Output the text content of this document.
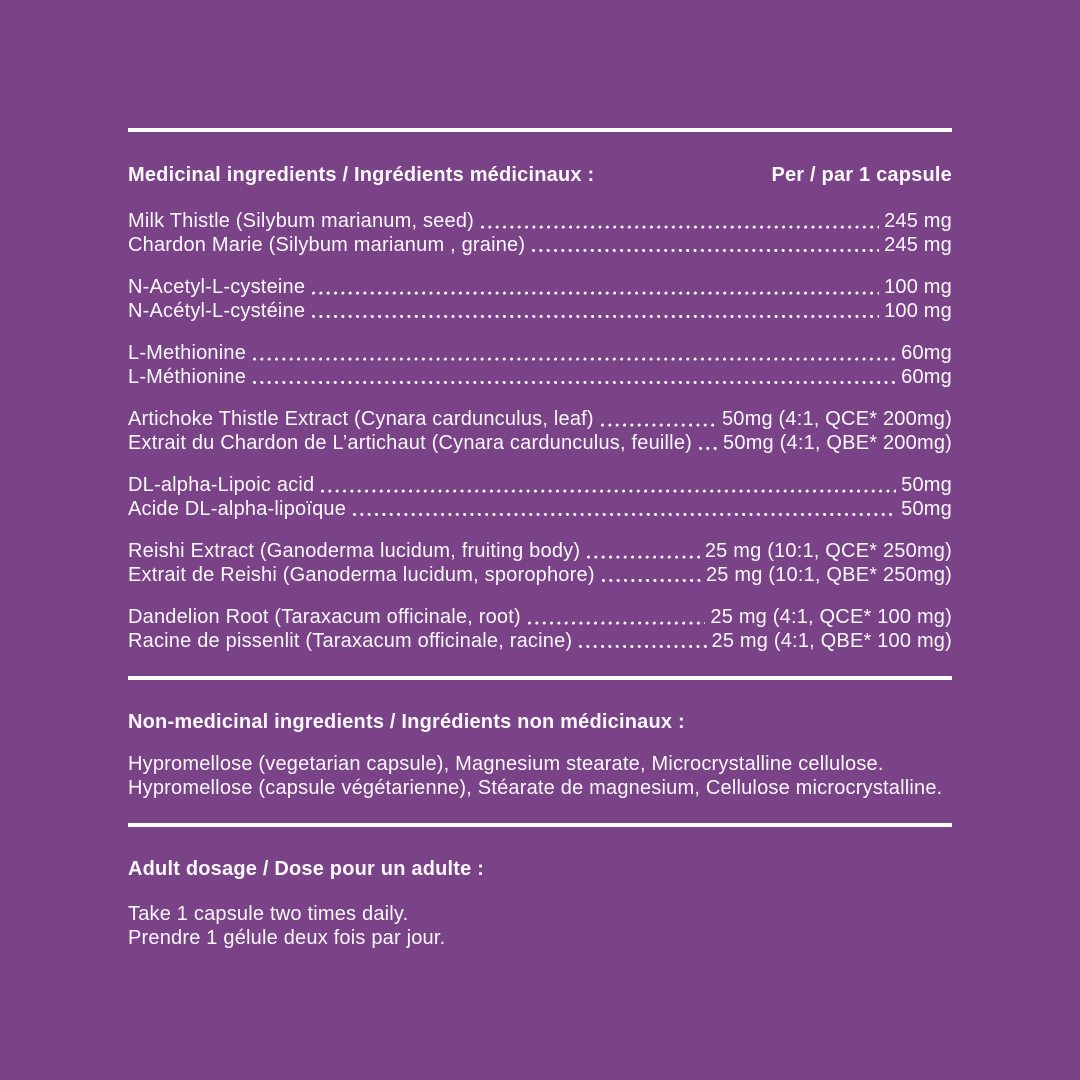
Medicinal ingredients / Ingrédients médicinaux :	Per / par 1 capsule
Milk Thistle (Silybum marianum, seed)	245 mg
Chardon Marie (Silybum marianum , graine)	245 mg
N-Acetyl-L-cysteine	100 mg
N-Acétyl-L-cystéine	100 mg
L-Methionine	60mg
L-Méthionine	60mg
Artichoke Thistle Extract (Cynara cardunculus, leaf)	50mg (4:1, QCE* 200mg)
Extrait du Chardon de L’artichaut (Cynara cardunculus, feuille) 50mg (4:1, QBE* 200mg)
DL-alpha-Lipoic acid	50mg
Acide DL-alpha-lipoïque	50mg
Reishi Extract (Ganoderma lucidum, fruiting body)	25 mg (10:1, QCE* 250mg)
Extrait de Reishi (Ganoderma lucidum, sporophore)	25 mg (10:1, QBE* 250mg)
Dandelion Root (Taraxacum officinale, root)	25 mg (4:1, QCE* 100 mg)
Racine de pissenlit (Taraxacum officinale, racine)	25 mg (4:1, QBE* 100 mg)
Non-medicinal ingredients / Ingrédients non médicinaux :
Hypromellose (vegetarian capsule), Magnesium stearate, Microcrystalline cellulose.
Hypromellose (capsule végétarienne), Stéarate de magnesium, Cellulose microcrystalline.
Adult dosage / Dose pour un adulte :
Take 1 capsule two times daily.
Prendre 1 gélule deux fois par jour.
